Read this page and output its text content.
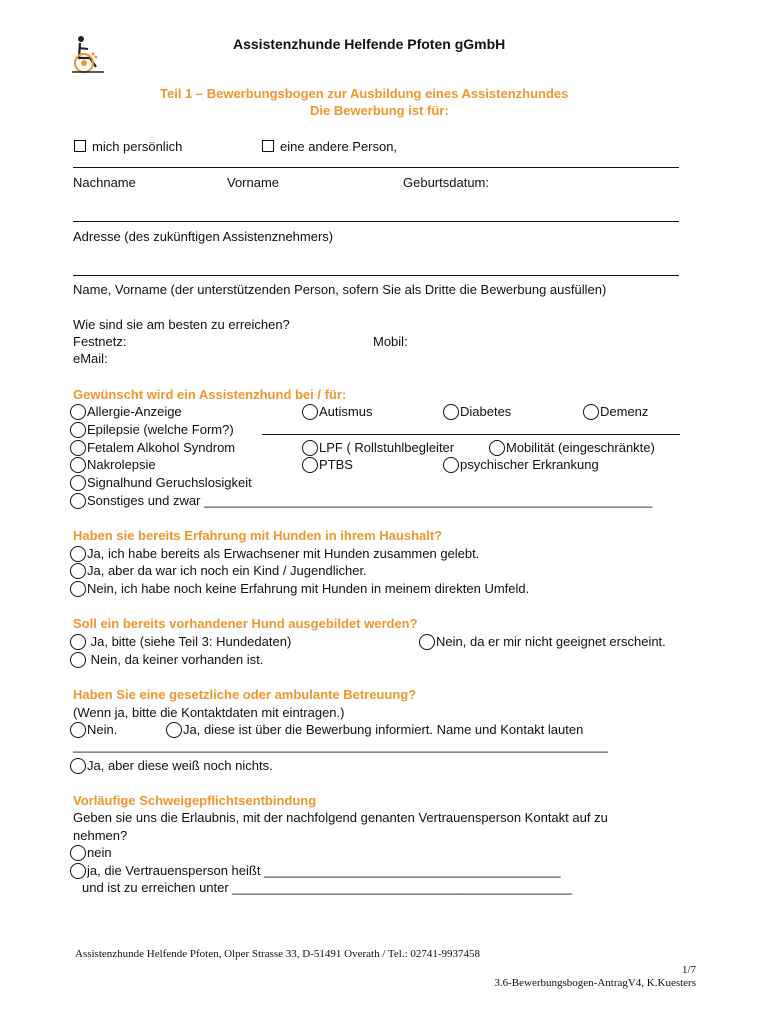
Assistenzhunde Helfende Pfoten gGmbH
Teil 1 – Bewerbungsbogen zur Ausbildung eines Assistenzhundes
Die Bewerbung ist für:
mich persönlich	eine andere Person,
Nachname	Vorname	Geburtsdatum:
Adresse (des zukünftigen Assistenznehmers)
Name, Vorname (der unterstützenden Person, sofern Sie als Dritte die Bewerbung ausfüllen)
Wie sind sie am besten zu erreichen?
Festnetz:	Mobil:
eMail:
Gewünscht wird ein Assistenzhund bei / für:
Allergie-Anzeige	Autismus	Diabetes	Demenz
Epilepsie (welche Form?)
Fetalem Alkohol Syndrom	LPF ( Rollstuhlbegleiter	Mobilität (eingeschränkte)
Nakrolepsie	PTBS	psychischer Erkrankung
Signalhund Geruchslosigkeit
Sonstiges und zwar ______________________________________________________________
Haben sie bereits Erfahrung mit Hunden in ihrem Haushalt?
Ja, ich habe bereits als Erwachsener mit Hunden zusammen gelebt.
Ja, aber da war ich noch ein Kind / Jugendlicher.
Nein, ich habe noch keine Erfahrung mit Hunden in meinem direkten Umfeld.
Soll ein bereits vorhandener Hund ausgebildet werden?
Ja, bitte (siehe Teil 3: Hundedaten)	Nein, da er mir nicht geeignet erscheint.
Nein, da keiner vorhanden ist.
Haben Sie eine gesetzliche oder ambulante Betreuung?
(Wenn ja, bitte die Kontaktdaten mit eintragen.)
Nein.	Ja, diese ist über die Bewerbung informiert. Name und Kontakt lauten
__________________________________________________________________________
Ja, aber diese weiß noch nichts.
Vorläufige Schweigepflichtsentbindung
Geben sie uns die Erlaubnis, mit der nachfolgend genanten Vertrauensperson Kontakt auf zu
nehmen?
nein
ja, die Vertrauensperson heißt _________________________________________
und ist zu erreichen unter _______________________________________________
Assistenzhunde Helfende Pfoten, Olper Strasse 33, D-51491 Overath / Tel.: 02741-9937458
1/7
3.6-Bewerbungsbogen-AntragV4, K.Kuesters
